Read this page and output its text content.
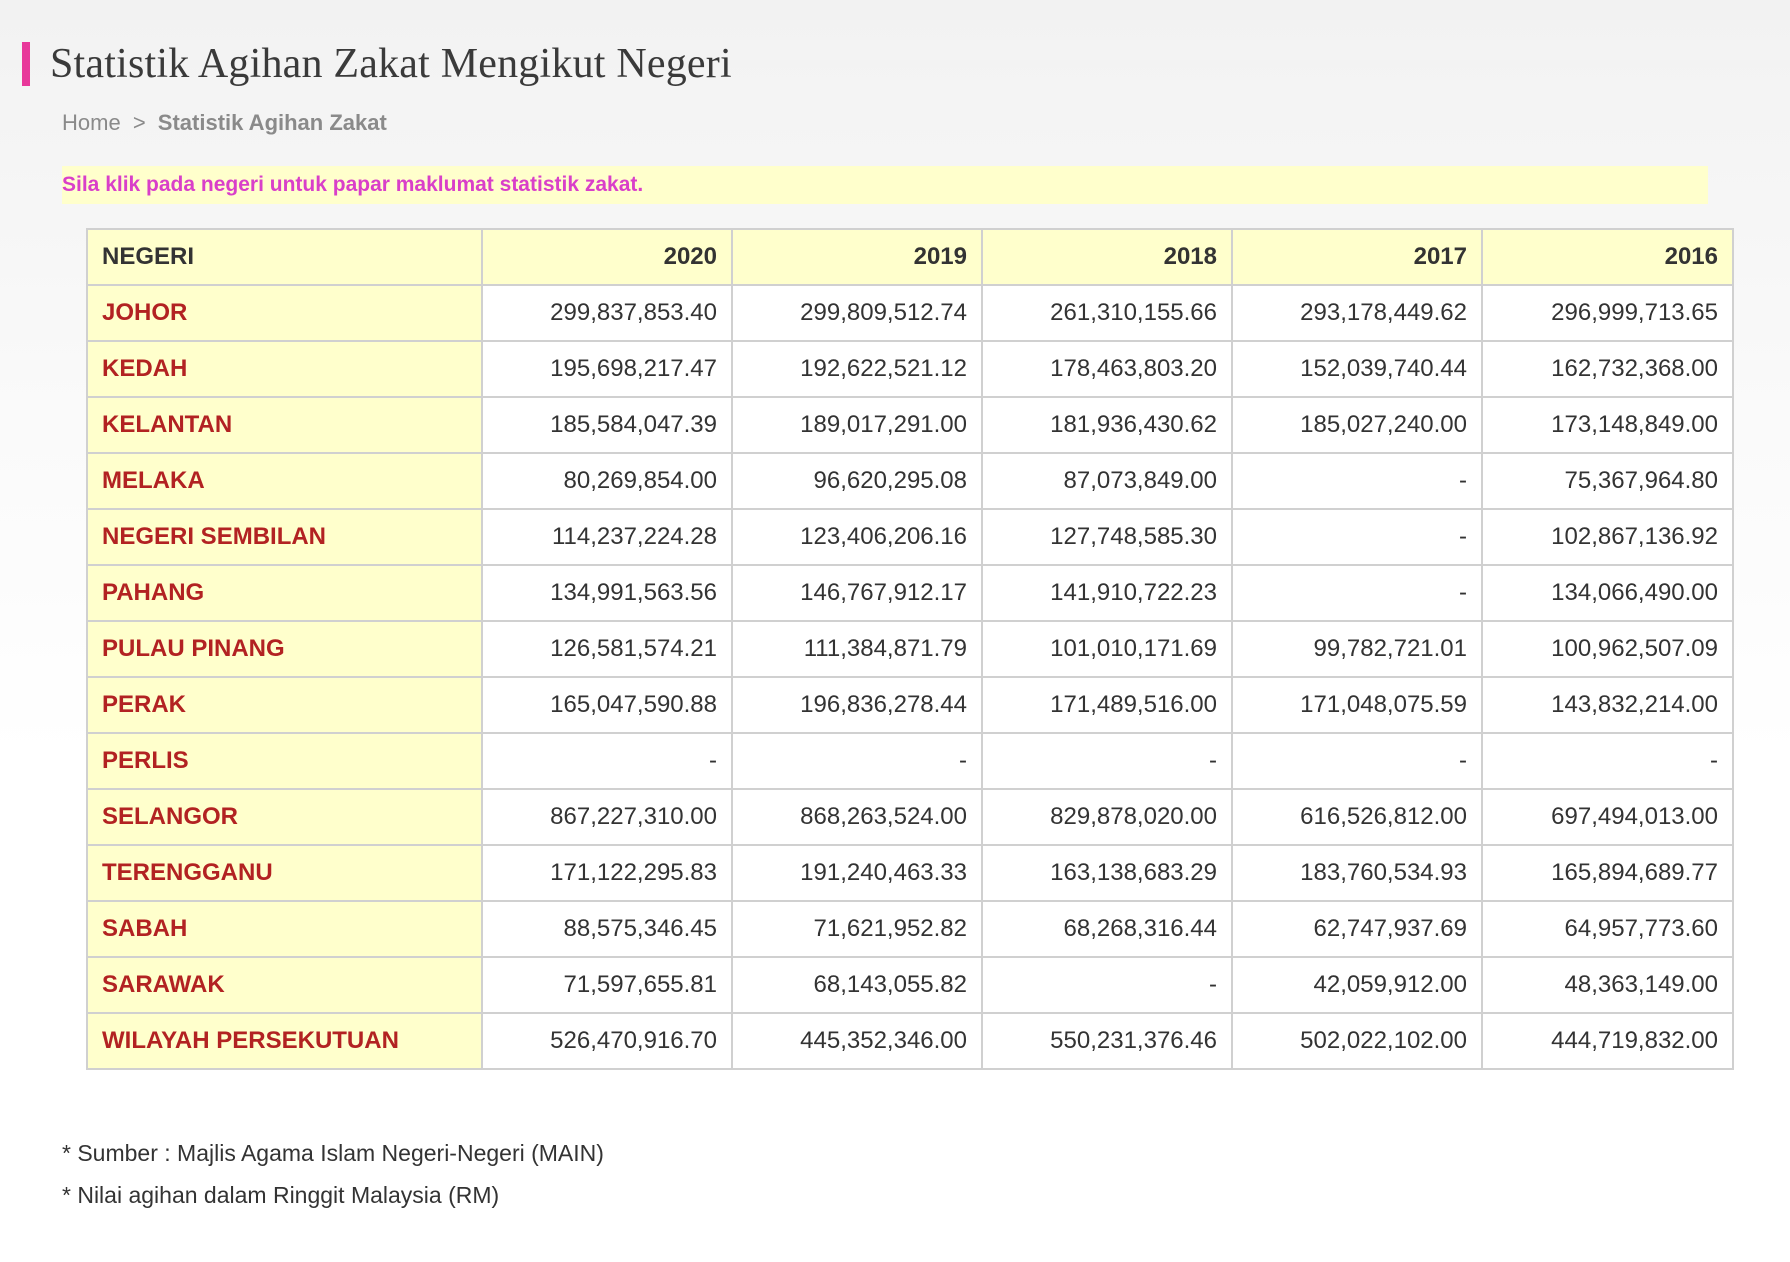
Statistik Agihan Zakat Mengikut Negeri
Home > Statistik Agihan Zakat
Sila klik pada negeri untuk papar maklumat statistik zakat.
NEGERI	2020	2019	2018	2017	2016
JOHOR	299,837,853.40	299,809,512.74	261,310,155.66	293,178,449.62	296,999,713.65
KEDAH	195,698,217.47	192,622,521.12	178,463,803.20	152,039,740.44	162,732,368.00
KELANTAN	185,584,047.39	189,017,291.00	181,936,430.62	185,027,240.00	173,148,849.00
MELAKA	80,269,854.00	96,620,295.08	87,073,849.00	-	75,367,964.80
NEGERI SEMBILAN	114,237,224.28	123,406,206.16	127,748,585.30	-	102,867,136.92
PAHANG	134,991,563.56	146,767,912.17	141,910,722.23	-	134,066,490.00
PULAU PINANG	126,581,574.21	111,384,871.79	101,010,171.69	99,782,721.01	100,962,507.09
PERAK	165,047,590.88	196,836,278.44	171,489,516.00	171,048,075.59	143,832,214.00
PERLIS	-	-	-	-	-
SELANGOR	867,227,310.00	868,263,524.00	829,878,020.00	616,526,812.00	697,494,013.00
TERENGGANU	171,122,295.83	191,240,463.33	163,138,683.29	183,760,534.93	165,894,689.77
SABAH	88,575,346.45	71,621,952.82	68,268,316.44	62,747,937.69	64,957,773.60
SARAWAK	71,597,655.81	68,143,055.82	-	42,059,912.00	48,363,149.00
WILAYAH PERSEKUTUAN	526,470,916.70	445,352,346.00	550,231,376.46	502,022,102.00	444,719,832.00
* Sumber : Majlis Agama Islam Negeri-Negeri (MAIN)
* Nilai agihan dalam Ringgit Malaysia (RM)
